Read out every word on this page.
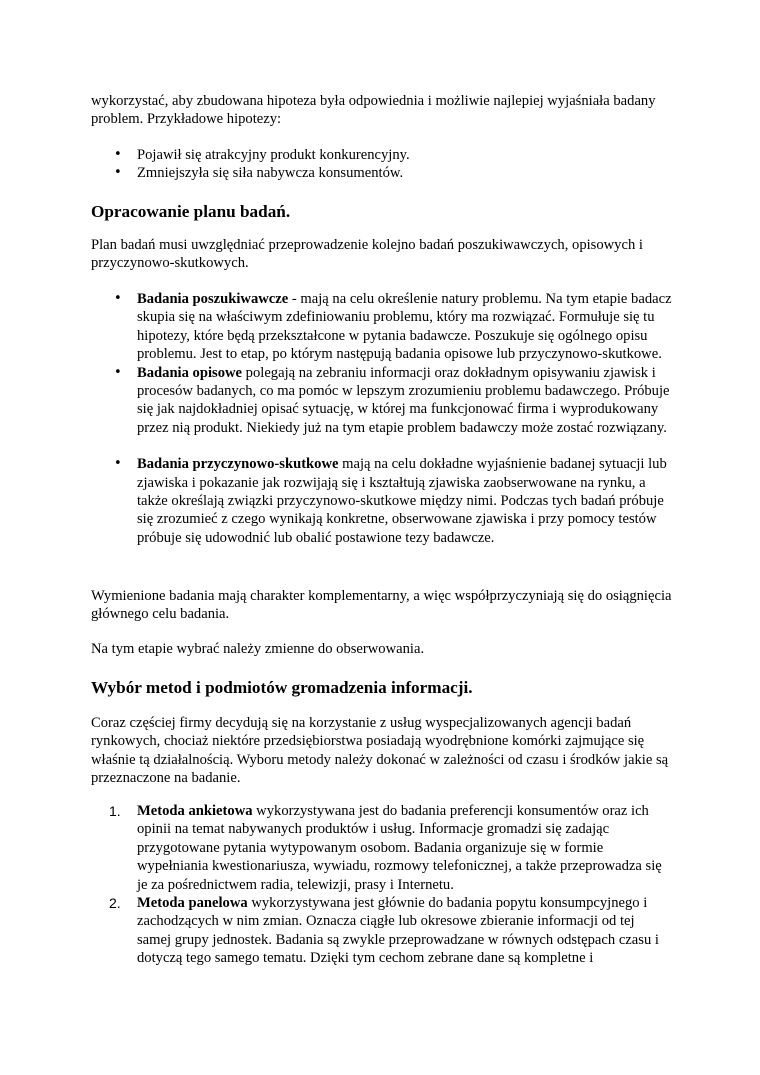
wykorzystać, aby zbudowana hipoteza była odpowiednia i możliwie najlepiej wyjaśniała badany problem. Przykładowe hipotezy:

• Pojawił się atrakcyjny produkt konkurencyjny.
• Zmniejszyła się siła nabywcza konsumentów.
Opracowanie planu badań.

Plan badań musi uwzględniać przeprowadzenie kolejno badań poszukiwawczych, opisowych i przyczynowo-skutkowych.

• Badania poszukiwawcze - mają na celu określenie natury problemu. Na tym etapie badacz skupia się na właściwym zdefiniowaniu problemu, który ma rozwiązać. Formułuje się tu hipotezy, które będą przekształcone w pytania badawcze. Poszukuje się ogólnego opisu problemu. Jest to etap, po którym następują badania opisowe lub przyczynowo-skutkowe.
• Badania opisowe polegają na zebraniu informacji oraz dokładnym opisywaniu zjawisk i procesów badanych, co ma pomóc w lepszym zrozumieniu problemu badawczego. Próbuje się jak najdokładniej opisać sytuację, w której ma funkcjonować firma i wyprodukowany przez nią produkt. Niekiedy już na tym etapie problem badawczy może zostać rozwiązany.
• Badania przyczynowo-skutkowe mają na celu dokładne wyjaśnienie badanej sytuacji lub zjawiska i pokazanie jak rozwijają się i kształtują zjawiska zaobserwowane na rynku, a także określają związki przyczynowo-skutkowe między nimi. Podczas tych badań próbuje się zrozumieć z czego wynikają konkretne, obserwowane zjawiska i przy pomocy testów próbuje się udowodnić lub obalić postawione tezy badawcze.

Wymienione badania mają charakter komplementarny, a więc współprzyczyniają się do osiągnięcia głównego celu badania.

Na tym etapie wybrać należy zmienne do obserwowania.

Wybór metod i podmiotów gromadzenia informacji.

Coraz częściej firmy decydują się na korzystanie z usług wyspecjalizowanych agencji badań rynkowych, chociaż niektóre przedsiębiorstwa posiadają wyodrębnione komórki zajmujące się właśnie tą działalnością. Wyboru metody należy dokonać w zależności od czasu i środków jakie są przeznaczone na badanie.

1. Metoda ankietowa wykorzystywana jest do badania preferencji konsumentów oraz ich opinii na temat nabywanych produktów i usług. Informacje gromadzi się zadając przygotowane pytania wytypowanym osobom. Badania organizuje się w formie wypełniania kwestionariusza, wywiadu, rozmowy telefonicznej, a także przeprowadza się je za pośrednictwem radia, telewizji, prasy i Internetu.
2. Metoda panelowa wykorzystywana jest głównie do badania popytu konsumpcyjnego i zachodzących w nim zmian. Oznacza ciągłe lub okresowe zbieranie informacji od tej samej grupy jednostek. Badania są zwykle przeprowadzane w równych odstępach czasu i dotyczą tego samego tematu. Dzięki tym cechom zebrane dane są kompletne i
